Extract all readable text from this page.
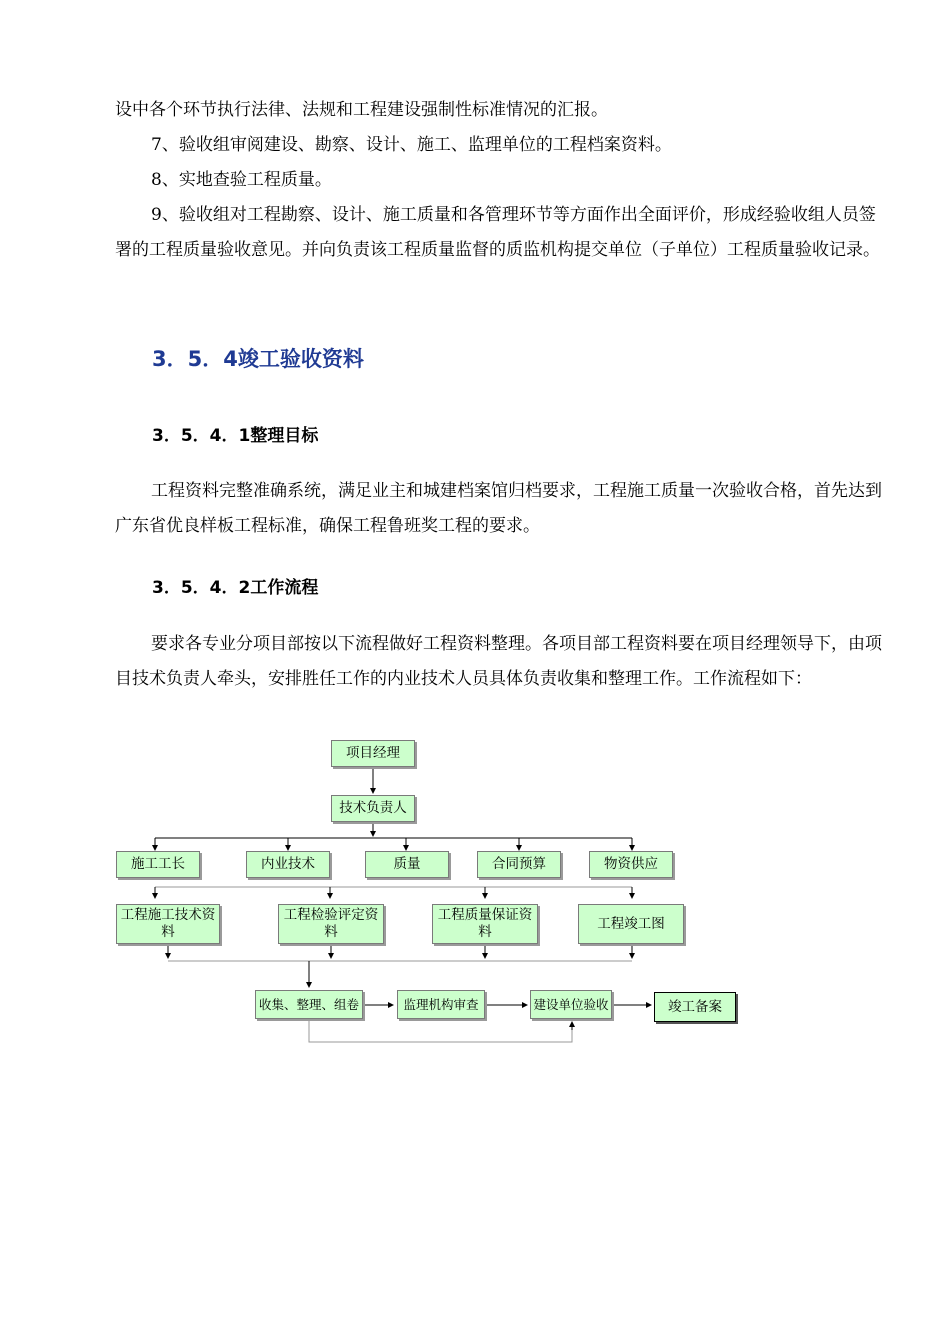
设中各个环节执行法律、法规和工程建设强制性标准情况的汇报。

7、验收组审阅建设、勘察、设计、施工、监理单位的工程档案资料。

8、实地查验工程质量。

9、验收组对工程勘察、设计、施工质量和各管理环节等方面作出全面评价，形成经验收组人员签署的工程质量验收意见。并向负责该工程质量监督的质监机构提交单位（子单位）工程质量验收记录。

3．5．4竣工验收资料
3．5．4．1整理目标

工程资料完整准确系统，满足业主和城建档案馆归档要求，工程施工质量一次验收合格，首先达到广东省优良样板工程标准，确保工程鲁班奖工程的要求。

3．5．4．2工作流程

要求各专业分项目部按以下流程做好工程资料整理。各项目部工程资料要在项目经理领导下，由项目技术负责人牵头，安排胜任工作的内业技术人员具体负责收集和整理工作。工作流程如下：

项目经理
技术负责人
施工工长	内业技术	质量	合同预算	物资供应
工程施工技术资料
工程检验评定资料
工程质量保证资料
工程竣工图
收集、整理、组卷	监理机构审查	建设单位验收	竣工备案
